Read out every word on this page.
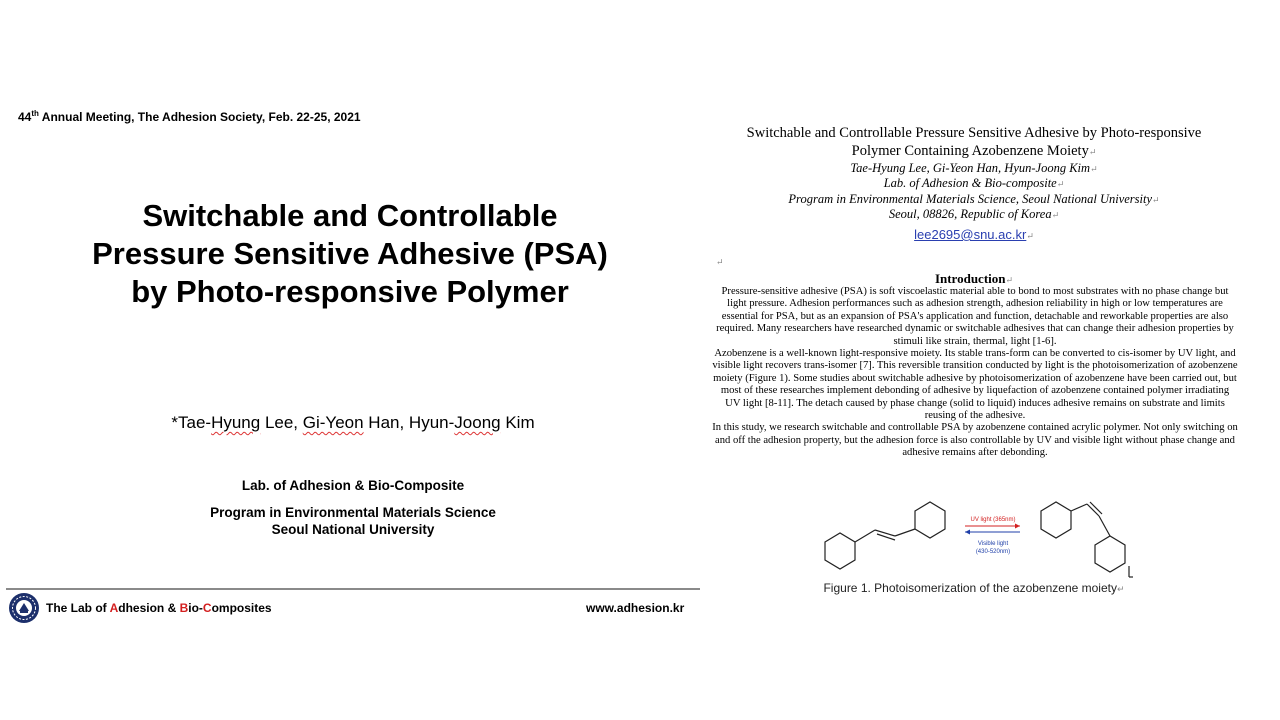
44th Annual Meeting, The Adhesion Society, Feb. 22-25, 2021
Switchable and Controllable
Pressure Sensitive Adhesive (PSA)
by Photo-responsive Polymer
*Tae-Hyung Lee, Gi-Yeon Han, Hyun-Joong Kim
Lab. of Adhesion & Bio-Composite
Program in Environmental Materials Science
Seoul National University
The Lab of Adhesion & Bio-Composites	www.adhesion.kr
Switchable and Controllable Pressure Sensitive Adhesive by Photo-responsive
Polymer Containing Azobenzene Moiety↵
Tae-Hyung Lee, Gi-Yeon Han, Hyun-Joong Kim↵
Lab. of Adhesion & Bio-composite↵
Program in Environmental Materials Science, Seoul National University↵
Seoul, 08826, Republic of Korea↵
lee2695@snu.ac.kr↵
↵
Introduction↵

Pressure-sensitive adhesive (PSA) is soft viscoelastic material able to bond to most substrates with no phase change but light pressure. Adhesion performances such as adhesion strength, adhesion reliability in high or low temperatures are essential for PSA, but as an expansion of PSA's application and function, detachable and reworkable properties are also required. Many researchers have researched dynamic or switchable adhesives that can change their adhesion properties by stimuli like strain, thermal, light [1-6].

Azobenzene is a well-known light-responsive moiety. Its stable trans-form can be converted to cis-isomer by UV light, and visible light recovers trans-isomer [7]. This reversible transition conducted by light is the photoisomerization of azobenzene moiety (Figure 1). Some studies about switchable adhesive by photoisomerization of azobenzene have been carried out, but most of these researches implement debonding of adhesive by liquefaction of azobenzene contained polymer irradiating UV light [8-11]. The detach caused by phase change (solid to liquid) induces adhesive remains on substrate and limits reusing of the adhesive.

In this study, we research switchable and controllable PSA by azobenzene contained acrylic polymer. Not only switching on and off the adhesion property, but the adhesion force is also controllable by UV and visible light without phase change and adhesive remains after debonding.

UV light (365nm)
Visible light
(430-520nm)
Figure 1. Photoisomerization of the azobenzene moiety↵
